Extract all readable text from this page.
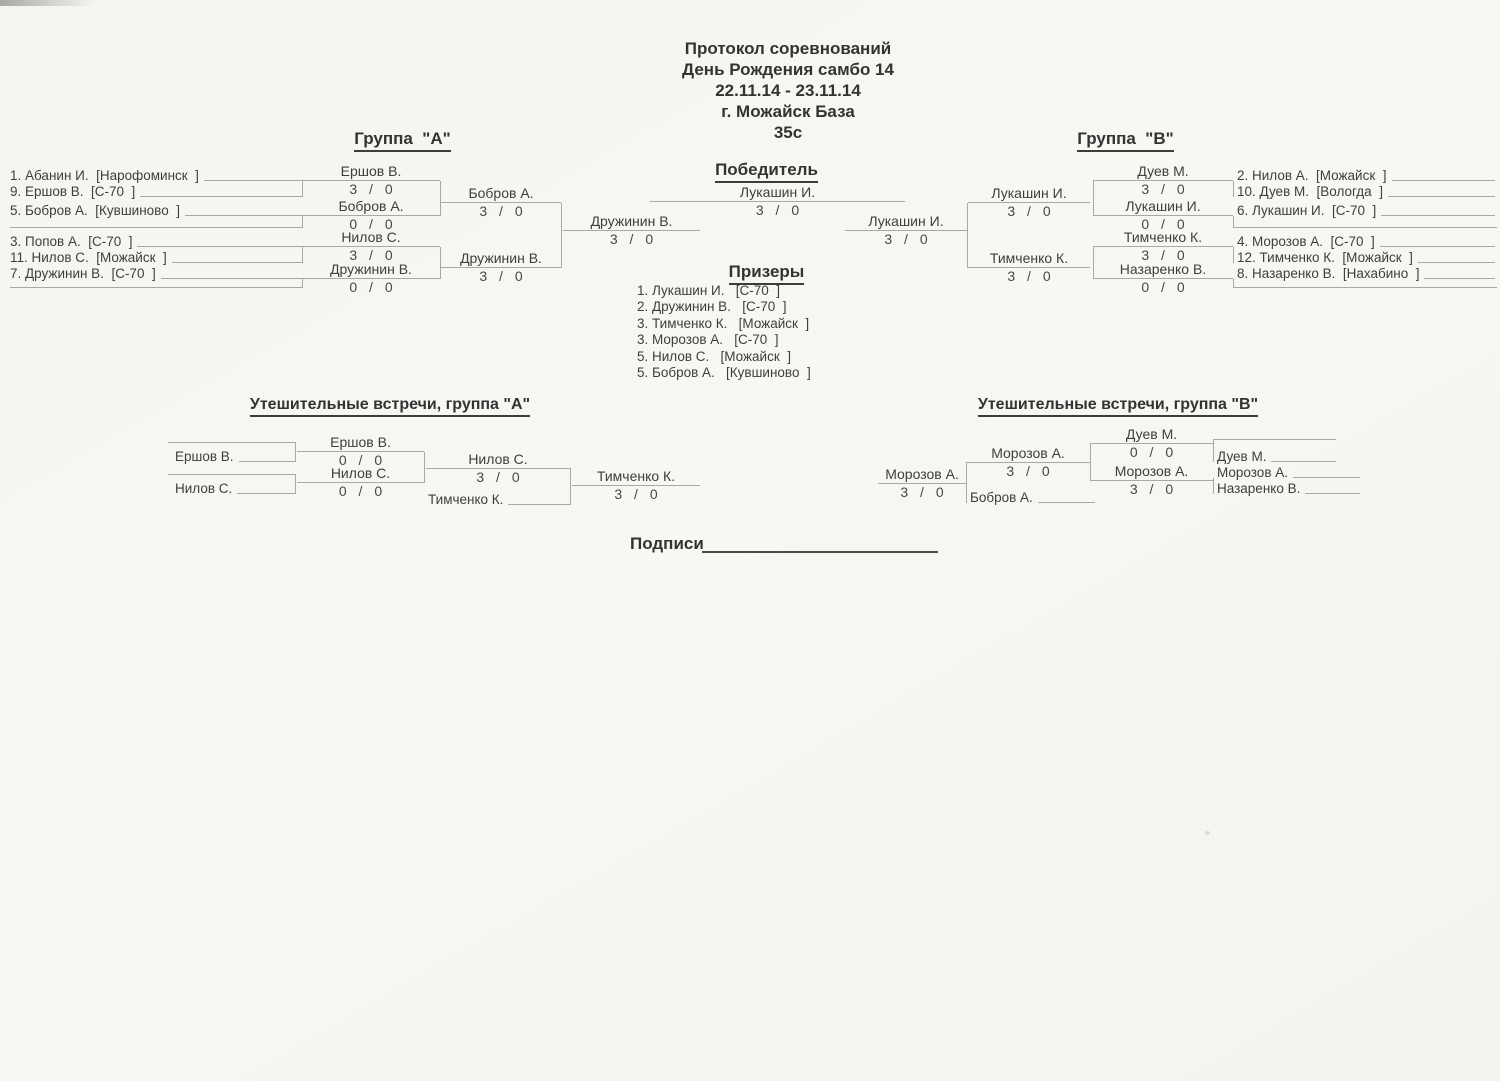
Протокол соревнований
День Рождения самбо 14
22.11.14 - 23.11.14
г. Можайск База
35с
Группа  "А"	Группа  "В"
Победитель
Призеры
Утешительные встречи, группа "А"	Утешительные встречи, группа "В"
1. Абанин И.  [Нарофоминск  ]
9. Ершов В.  [С-70  ]
5. Бобров А.  [Кувшиново  ]
3. Попов А.  [С-70  ]
11. Нилов С.  [Можайск  ]
7. Дружинин В.  [С-70  ]
Ершов В.
3 / 0
Бобров А.
0 / 0
Нилов С.
3 / 0
Дружинин В.
0 / 0
Бобров А.
3 / 0
Дружинин В.
3 / 0
Дружинин В.
3 / 0
Лукашин И.
3 / 0
1. Лукашин И.   [С-70  ]
2. Дружинин В.   [С-70  ]
3. Тимченко К.   [Можайск  ]
3. Морозов А.   [С-70  ]
5. Нилов С.   [Можайск  ]
5. Бобров А.   [Кувшиново  ]
Лукашин И.
3 / 0
Лукашин И.
3 / 0
Тимченко К.
3 / 0
Дуев М.
3 / 0
Лукашин И.
0 / 0
Тимченко К.
3 / 0
Назаренко В.
0 / 0
2. Нилов А.  [Можайск  ]
10. Дуев М.  [Вологда  ]
6. Лукашин И.  [С-70  ]
4. Морозов А.  [С-70  ]
12. Тимченко К.  [Можайск  ]
8. Назаренко В.  [Нахабино  ]
Ершов В.
Нилов С.
Ершов В.
0 / 0
Нилов С.
0 / 0
Нилов С.
3 / 0
Тимченко К.
Тимченко К.
3 / 0
Морозов А.
3 / 0
Морозов А.
3 / 0
Бобров А.
Дуев М.
0 / 0
Морозов А.
3 / 0
Дуев М.
Морозов А.
Назаренко В.
Подписи
